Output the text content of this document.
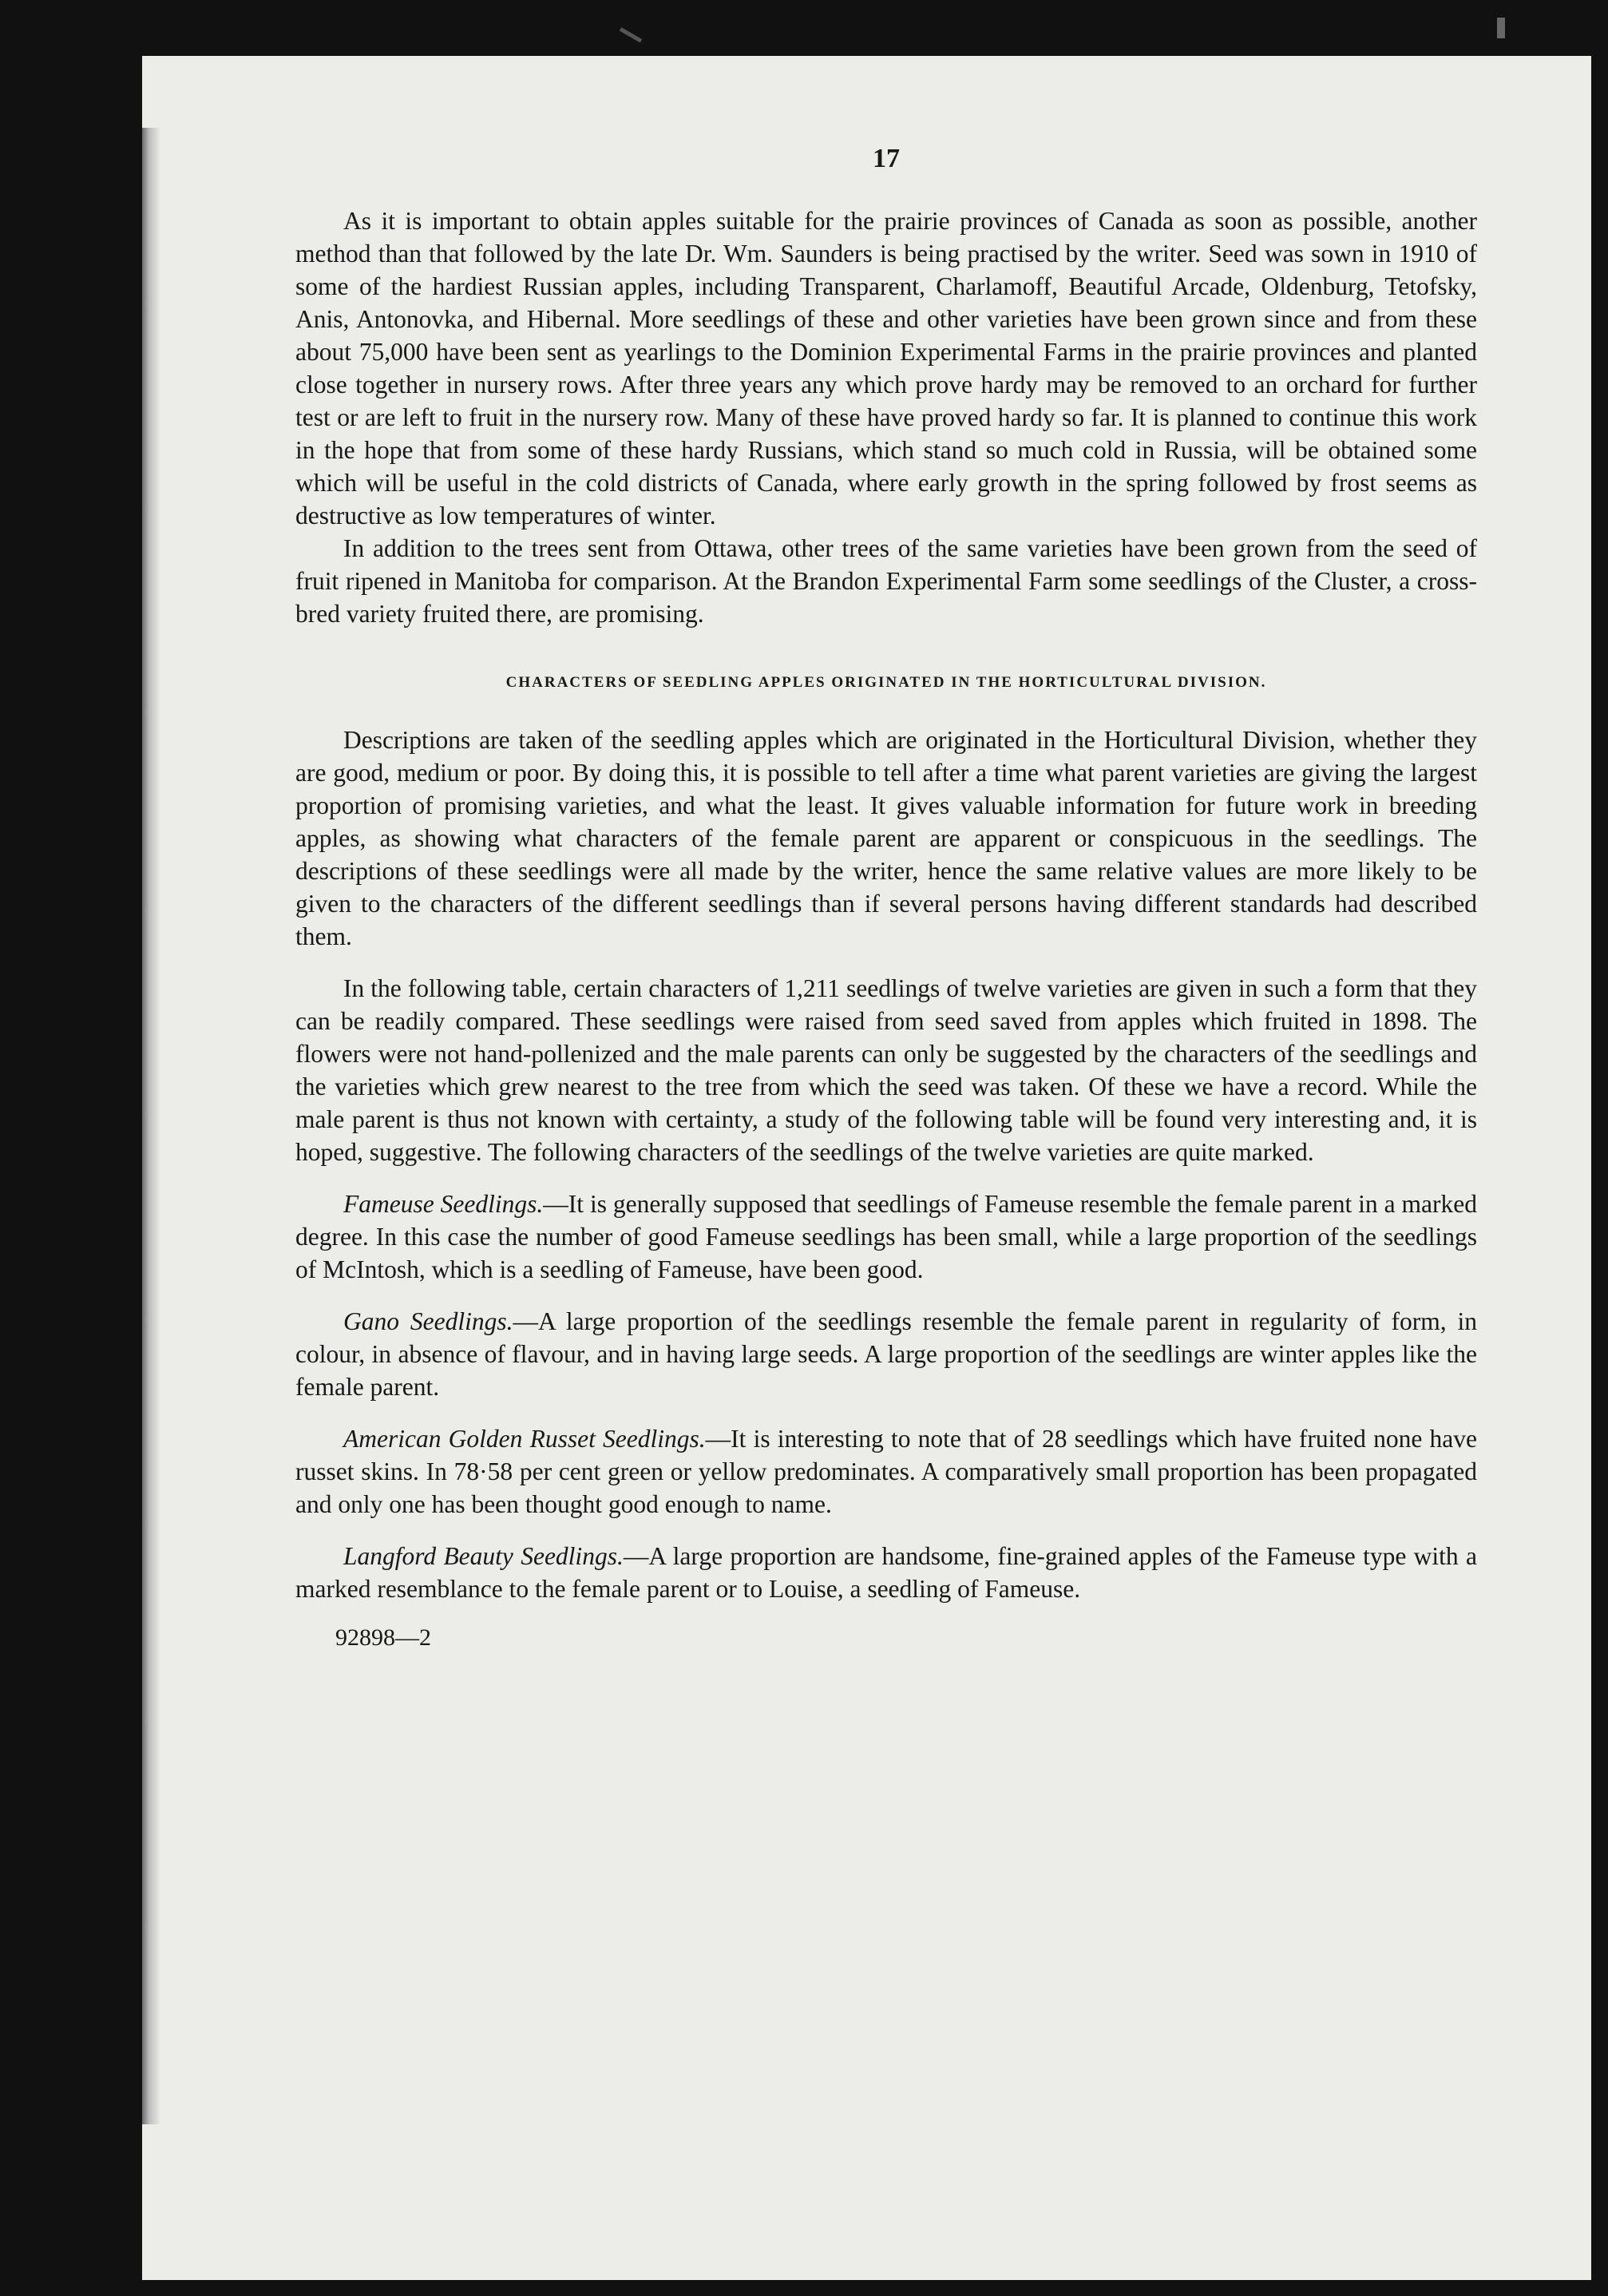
17

As it is important to obtain apples suitable for the prairie provinces of Canada as soon as possible, another method than that followed by the late Dr. Wm. Saunders is being practised by the writer. Seed was sown in 1910 of some of the hardiest Russian apples, including Transparent, Charlamoff, Beautiful Arcade, Oldenburg, Tetofsky, Anis, Antonovka, and Hibernal. More seedlings of these and other varieties have been grown since and from these about 75,000 have been sent as yearlings to the Dominion Experimental Farms in the prairie provinces and planted close together in nursery rows. After three years any which prove hardy may be removed to an orchard for further test or are left to fruit in the nursery row. Many of these have proved hardy so far. It is planned to continue this work in the hope that from some of these hardy Russians, which stand so much cold in Russia, will be obtained some which will be useful in the cold districts of Canada, where early growth in the spring followed by frost seems as destructive as low temperatures of winter.

In addition to the trees sent from Ottawa, other trees of the same varieties have been grown from the seed of fruit ripened in Manitoba for comparison. At the Brandon Experimental Farm some seedlings of the Cluster, a cross-bred variety fruited there, are promising.

CHARACTERS OF SEEDLING APPLES ORIGINATED IN THE HORTICULTURAL DIVISION.

Descriptions are taken of the seedling apples which are originated in the Horticultural Division, whether they are good, medium or poor. By doing this, it is possible to tell after a time what parent varieties are giving the largest proportion of promising varieties, and what the least. It gives valuable information for future work in breeding apples, as showing what characters of the female parent are apparent or conspicuous in the seedlings. The descriptions of these seedlings were all made by the writer, hence the same relative values are more likely to be given to the characters of the different seedlings than if several persons having different standards had described them.

In the following table, certain characters of 1,211 seedlings of twelve varieties are given in such a form that they can be readily compared. These seedlings were raised from seed saved from apples which fruited in 1898. The flowers were not hand-pollenized and the male parents can only be suggested by the characters of the seedlings and the varieties which grew nearest to the tree from which the seed was taken. Of these we have a record. While the male parent is thus not known with certainty, a study of the following table will be found very interesting and, it is hoped, suggestive. The following characters of the seedlings of the twelve varieties are quite marked.

Fameuse Seedlings.—It is generally supposed that seedlings of Fameuse resemble the female parent in a marked degree. In this case the number of good Fameuse seedlings has been small, while a large proportion of the seedlings of McIntosh, which is a seedling of Fameuse, have been good.

Gano Seedlings.—A large proportion of the seedlings resemble the female parent in regularity of form, in colour, in absence of flavour, and in having large seeds. A large proportion of the seedlings are winter apples like the female parent.

American Golden Russet Seedlings.—It is interesting to note that of 28 seedlings which have fruited none have russet skins. In 78·58 per cent green or yellow predominates. A comparatively small proportion has been propagated and only one has been thought good enough to name.

Langford Beauty Seedlings.—A large proportion are handsome, fine-grained apples of the Fameuse type with a marked resemblance to the female parent or to Louise, a seedling of Fameuse.

92898—2
